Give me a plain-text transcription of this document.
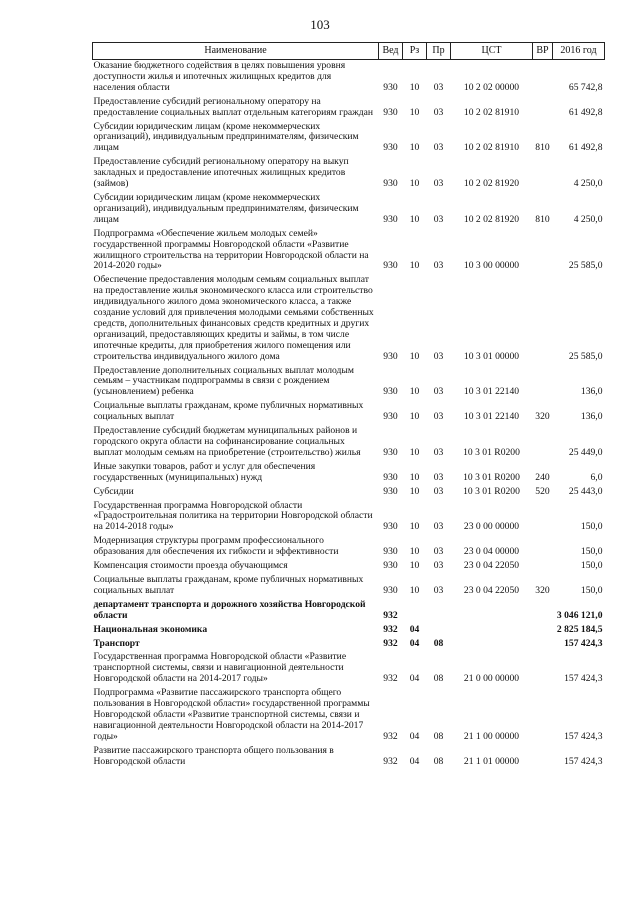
103
Наименование	Вед	Рз	Пр	ЦСТ	ВР	2016 год
Оказание бюджетного содействия в целях повышения уровня доступности жилья и ипотечных жилищных кредитов для населения области	930	10	03	10 2 02 00000		65 742,8
Предоставление субсидий региональному оператору на предоставление социальных выплат отдельным категориям граждан	930	10	03	10 2 02 81910		61 492,8
Субсидии юридическим лицам (кроме некоммерческих организаций), индивидуальным предпринимателям, физическим лицам	930	10	03	10 2 02 81910	810	61 492,8
Предоставление субсидий региональному оператору на выкуп закладных и предоставление ипотечных жилищных кредитов (займов)	930	10	03	10 2 02 81920		4 250,0
Субсидии юридическим лицам (кроме некоммерческих организаций), индивидуальным предпринимателям, физическим лицам	930	10	03	10 2 02 81920	810	4 250,0
Подпрограмма «Обеспечение жильем молодых семей» государственной программы Новгородской области «Развитие жилищного строительства на территории Новгородской области на 2014-2020 годы»	930	10	03	10 3 00 00000		25 585,0
Обеспечение предоставления молодым семьям социальных выплат на предоставление жилья экономического класса или строительство индивидуального жилого дома экономического класса, а также создание условий для привлечения молодыми семьями собственных средств, дополнительных финансовых средств кредитных и других организаций, предоставляющих кредиты и займы, в том числе ипотечные кредиты, для приобретения жилого помещения или строительства индивидуального жилого дома	930	10	03	10 3 01 00000		25 585,0
Предоставление дополнительных социальных выплат молодым семьям – участникам подпрограммы в связи с рождением (усыновлением) ребенка	930	10	03	10 3 01 22140		136,0
Социальные выплаты гражданам, кроме публичных нормативных социальных выплат	930	10	03	10 3 01 22140	320	136,0
Предоставление субсидий бюджетам муниципальных районов и городского округа области на софинансирование социальных выплат молодым семьям на приобретение (строительство) жилья	930	10	03	10 3 01 R0200		25 449,0
Иные закупки товаров, работ и услуг для обеспечения государственных (муниципальных) нужд	930	10	03	10 3 01 R0200	240	6,0
Субсидии	930	10	03	10 3 01 R0200	520	25 443,0
Государственная программа Новгородской области «Градостроительная политика на территории Новгородской области на 2014-2018 годы»	930	10	03	23 0 00 00000		150,0
Модернизация структуры программ профессионального образования для обеспечения их гибкости и эффективности	930	10	03	23 0 04 00000		150,0
Компенсация стоимости проезда обучающимся	930	10	03	23 0 04 22050		150,0
Социальные выплаты гражданам, кроме публичных нормативных социальных выплат	930	10	03	23 0 04 22050	320	150,0
департамент транспорта и дорожного хозяйства Новгородской области	932					3 046 121,0
Национальная экономика	932	04				2 825 184,5
Транспорт	932	04	08			157 424,3
Государственная программа Новгородской области «Развитие транспортной системы, связи и навигационной деятельности Новгородской области на 2014-2017 годы»	932	04	08	21 0 00 00000		157 424,3
Подпрограмма «Развитие пассажирского транспорта общего пользования в Новгородской области» государственной программы Новгородской области «Развитие транспортной системы, связи и навигационной деятельности Новгородской области на 2014-2017 годы»	932	04	08	21 1 00 00000		157 424,3
Развитие пассажирского транспорта общего пользования в Новгородской области	932	04	08	21 1 01 00000		157 424,3
